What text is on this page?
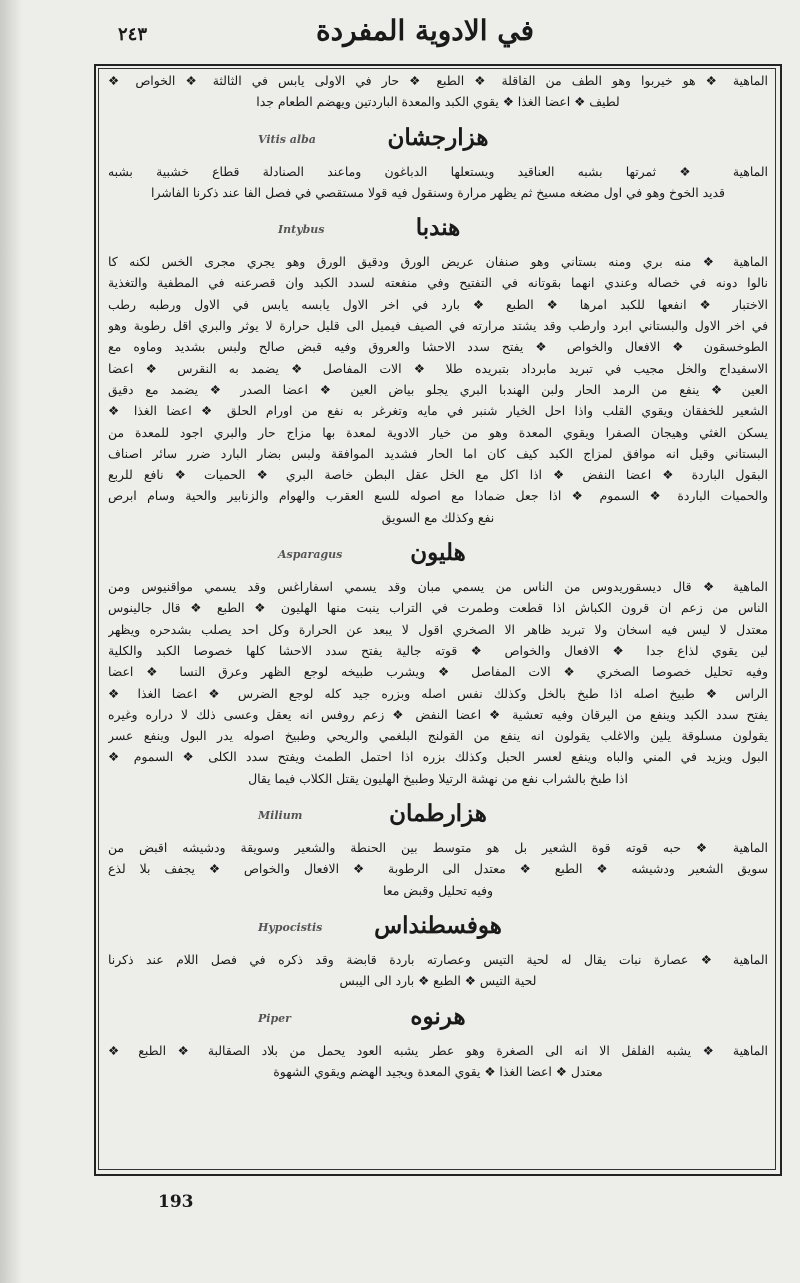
في الادوية المفردة
٢٤٣
الماهية ❖ هو خيربوا وهو الطف من القاقلة ❖ الطبع ❖ حار في الاولى يابس في الثالثة ❖ الخواص ❖
لطيف ❖ اعضا الغذا ❖ يقوي الكبد والمعدة الباردتين ويهضم الطعام جدا
هزارجشان
Vitis alba
الماهية ❖ ثمرتها بشبه العناقيد ويستعلها الدباغون وماعند الصنادلة قطاع خشبية بشبه
قديد الخوخ وهو في اول مضغه مسيخ ثم يظهر مرارة وسنقول فيه قولا مستقصي في فصل الفا عند ذكرنا الفاشرا
هندبا
Intybus
الماهية ❖ منه بري ومنه بستاني وهو صنفان عريض الورق ودقيق الورق وهو يجري مجرى الخس لكنه كا
نالوا دونه في خصاله وعندي انهما بقوتانه في التفتيح وفي منفعته لسدد الكبد وان قصرعنه في المطفية والتغذية
الاختبار ❖ انفعها للكبد امرها ❖ الطبع ❖ بارد في اخر الاول يابسه يابس في الاول ورطبه رطب
في اخر الاول والبستاني ابرد وارطب وقد يشتد مرارته في الصيف فيميل الى قليل حرارة لا يوثر والبري اقل رطوبة وهو
الطوخسقون ❖ الافعال والخواص ❖ يفتح سدد الاحشا والعروق وفيه قبض صالح ولبس بشديد وماوه مع
الاسفيداج والخل مجيب في تبريد مابرداد بتبريده طلا ❖ الات المفاصل ❖ يضمد به النقرس ❖ اعضا
العين ❖ ينفع من الرمد الحار ولبن الهندبا البري يجلو بياض العين ❖ اعضا الصدر ❖ يضمد مع دقيق
الشعير للخفقان ويقوي القلب واذا احل الخيار شنبر في مايه وتغرغر به نفع من اورام الحلق ❖ اعضا الغذا ❖
يسكن الغثي وهيجان الصفرا ويقوي المعدة وهو من خيار الادوية لمعدة بها مزاج حار والبري اجود للمعدة من
البستاني وقيل انه موافق لمزاج الكبد كيف كان اما الحار فشديد الموافقة ولبس بضار البارد ضرر سائر اصناف
البقول الباردة ❖ اعضا النفض ❖ اذا اكل مع الخل عقل البطن خاصة البري ❖ الحميات ❖ نافع للربع
والحميات الباردة ❖ السموم ❖ اذا جعل ضمادا مع اصوله للسع العقرب والهوام والزنابير والحية وسام ابرص
نفع وكذلك مع السويق
هليون
Asparagus
الماهية ❖ قال ديسقوريدوس من الناس من يسمي مبان وقد يسمي اسفاراغس وقد يسمي مواقنيوس ومن
الناس من زعم ان قرون الكباش اذا قطعت وطمرت في التراب ينبت منها الهليون ❖ الطبع ❖ قال جالينوس
معتدل لا ليس فيه اسخان ولا تبريد ظاهر الا الصخري اقول لا يبعد عن الحرارة وكل احد يصلب بشدحره ويظهر
لين يقوي لذاع جدا ❖ الافعال والخواص ❖ قوته جالية يفتح سدد الاحشا كلها خصوصا الكبد والكلية
وفيه تحليل خصوصا الصخري ❖ الات المفاصل ❖ ويشرب طبيخه لوجع الظهر وعرق النسا ❖ اعضا
الراس ❖ طبيخ اصله اذا طبخ بالخل وكذلك نفس اصله وبزره جيد كله لوجع الضرس ❖ اعضا الغذا ❖
يفتح سدد الكبد وينفع من اليرقان وفيه تعشية ❖ اعضا النفض ❖ زعم روفس انه يعقل وعسى ذلك لا دراره وغيره
يقولون مسلوقة يلين والاغلب يقولون انه ينفع من القولنج البلغمي والريحي وطبيخ اصوله يدر البول وينفع عسر
البول ويزيد في المني والباه وينفع لعسر الحبل وكذلك بزره اذا احتمل الطمث ويفتح سدد الكلى ❖ السموم ❖
اذا طبخ بالشراب نفع من نهشة الرتيلا وطبيخ الهليون يقتل الكلاب فيما يقال
هزارطمان
Milium
الماهية ❖ حبه قوته قوة الشعير بل هو متوسط بين الحنطة والشعير وسويقة ودشيشه اقبض من
سويق الشعير ودشيشه ❖ الطبع ❖ معتدل الى الرطوبة ❖ الافعال والخواص ❖ يجفف بلا لذع
وفيه تحليل وقبض معا
هوفسطنداس
Hypocistis
الماهية ❖ عصارة نبات يقال له لحية التيس وعصارته باردة قابضة وقد ذكره في فصل اللام عند ذكرنا
لحية التيس ❖ الطبع ❖ بارد الى اليبس
هرنوه
Piper
الماهية ❖ يشبه الفلفل الا انه الى الصغرة وهو عطر يشبه العود يحمل من بلاد الصقالبة ❖ الطبع ❖
معتدل ❖ اعضا الغذا ❖ يقوي المعدة ويجيد الهضم ويقوي الشهوة
193
